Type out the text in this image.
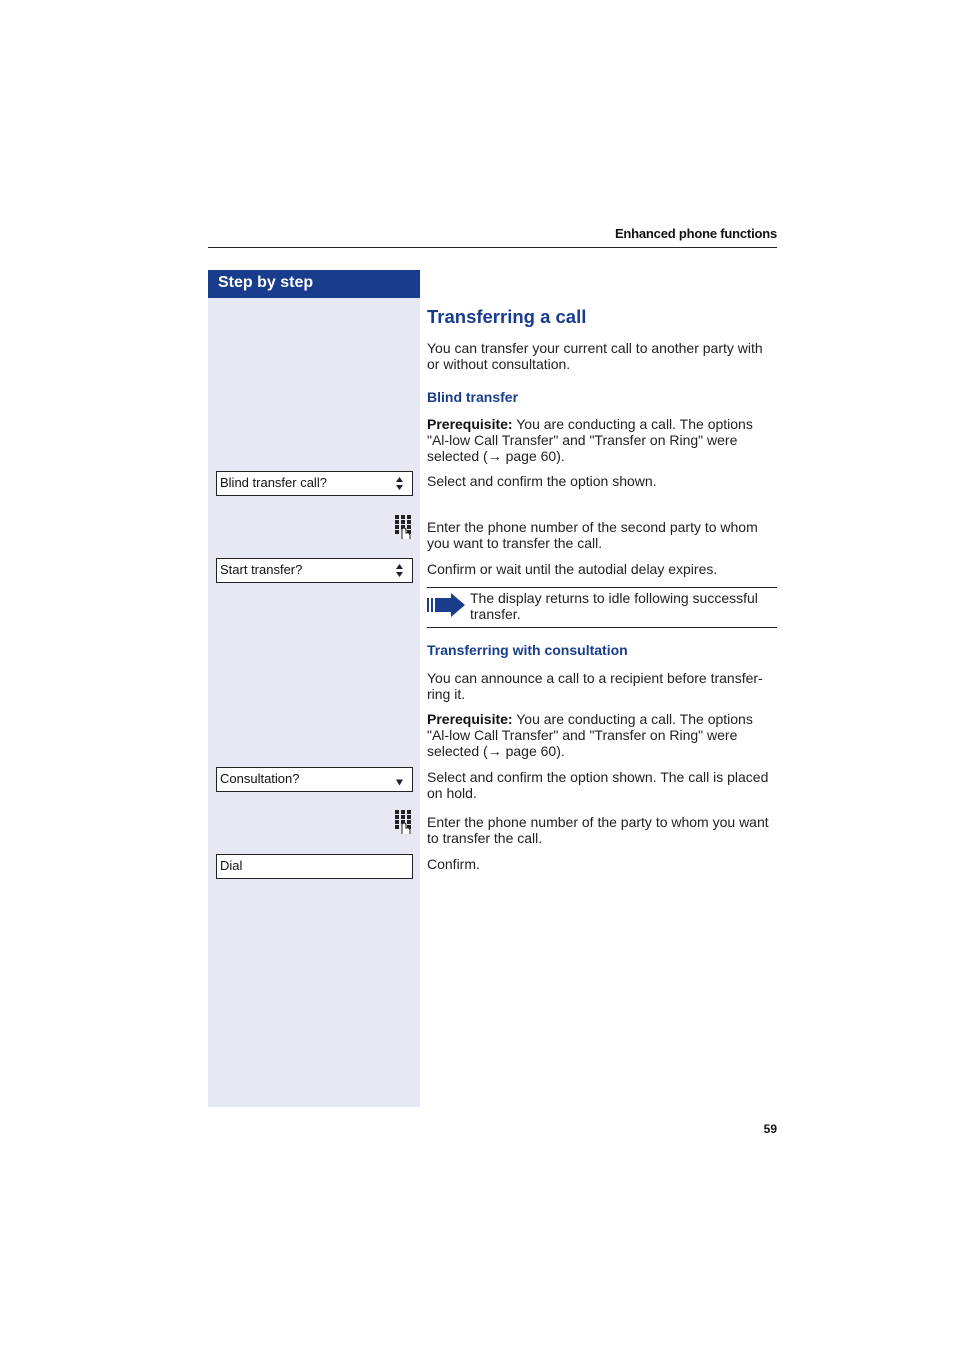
Enhanced phone functions
Step by step
Blind transfer call?
Start transfer?
Consultation?
Dial
Transferring a call
You can transfer your current call to another party with or without consultation.
Blind transfer
Prerequisite: You are conducting a call. The options "Al-low Call Transfer" and "Transfer on Ring" were selected (→ page 60).
Select and confirm the option shown.
Enter the phone number of the second party to whom you want to transfer the call.
Confirm or wait until the autodial delay expires.
The display returns to idle following successful transfer.
Transferring with consultation
You can announce a call to a recipient before transfer-ring it.
Prerequisite: You are conducting a call. The options "Al-low Call Transfer" and "Transfer on Ring" were selected (→ page 60).
Select and confirm the option shown. The call is placed on hold.
Enter the phone number of the party to whom you want to transfer the call.
Confirm.
59
